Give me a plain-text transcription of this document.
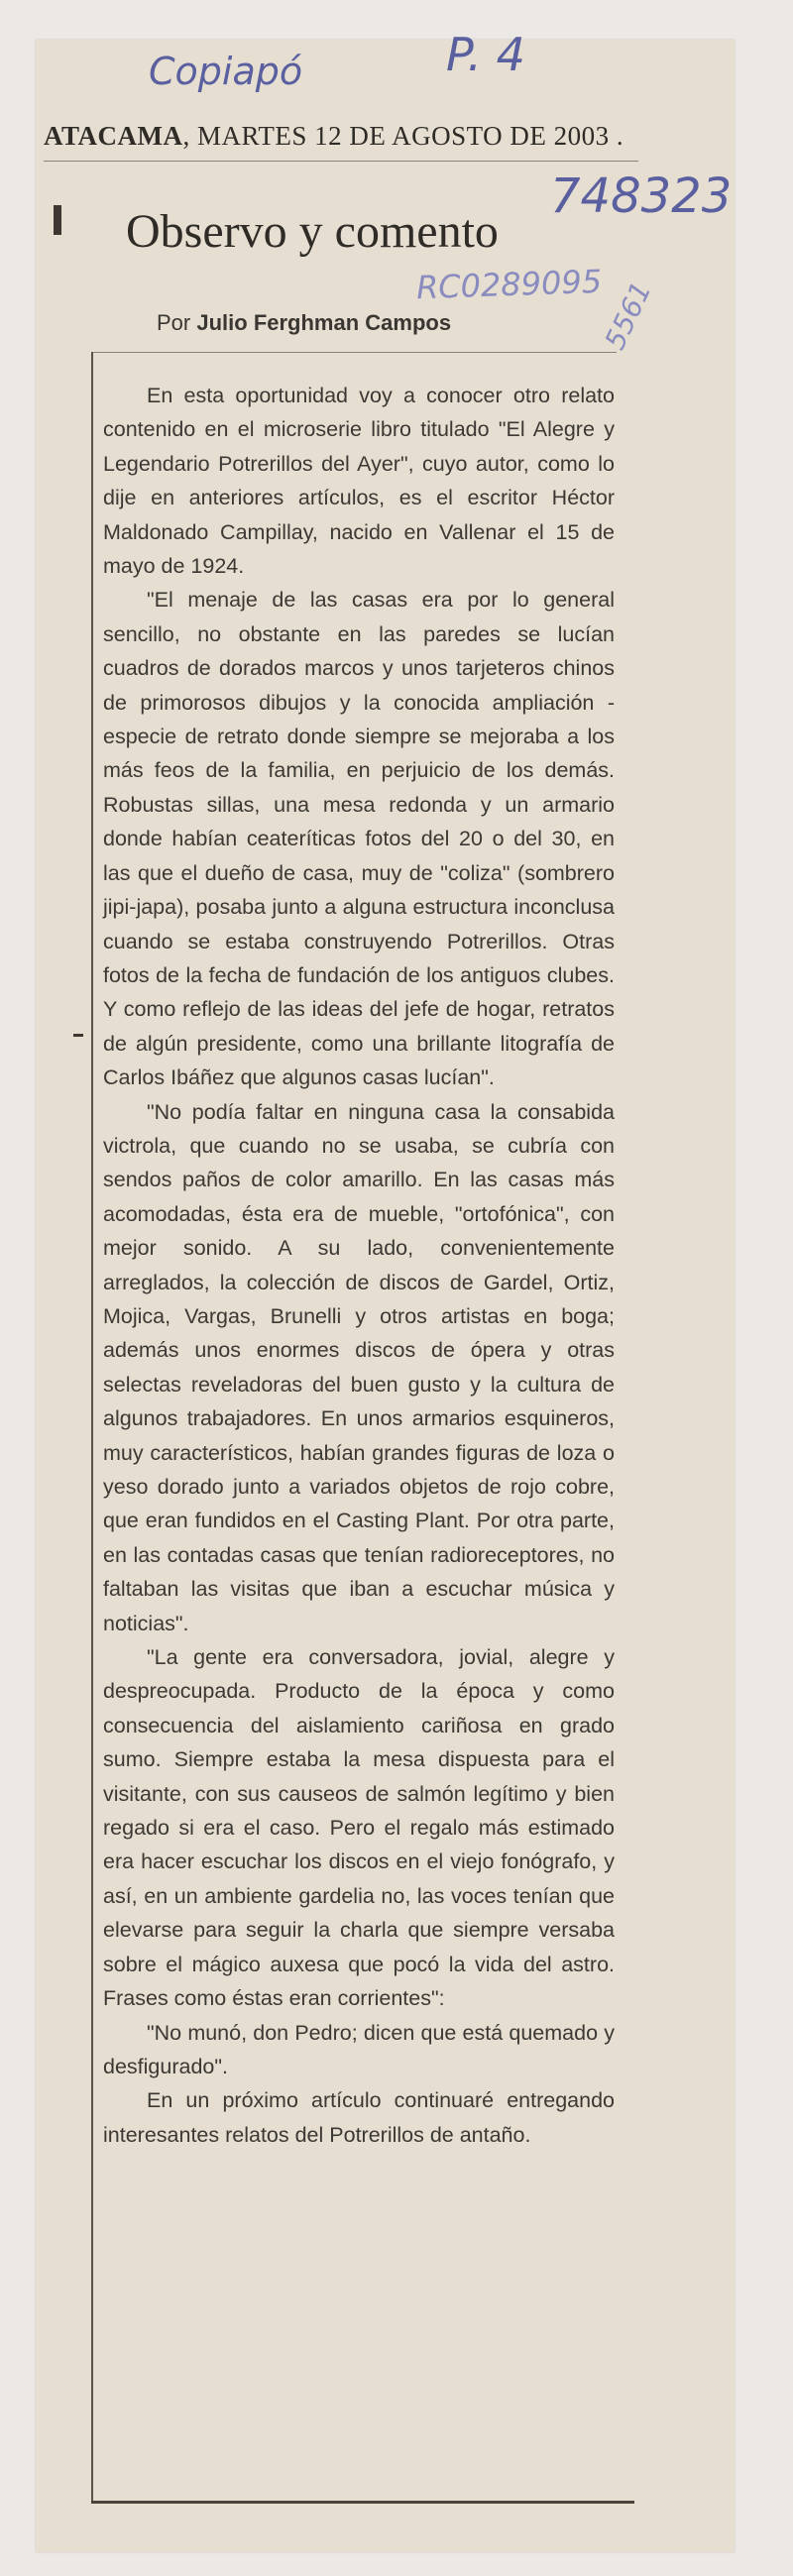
Copiapó	P. 4
748323
RC0289095
5561
ATACAMA, MARTES 12 DE AGOSTO DE 2003 .
Observo y comento
Por Julio Ferghman Campos

En esta oportunidad voy a conocer otro relato contenido en el microserie libro titulado "El Alegre y Legendario Potrerillos del Ayer", cuyo autor, como lo dije en anteriores artículos, es el escritor Héctor Maldonado Campillay, nacido en Vallenar el 15 de mayo de 1924.

"El menaje de las casas era por lo general sencillo, no obstante en las paredes se lucían cuadros de dorados marcos y unos tarjeteros chinos de primorosos dibujos y la conocida ampliación -especie de retrato donde siempre se mejoraba a los más feos de la familia, en perjuicio de los demás. Robustas sillas, una mesa redonda y un armario donde habían ceateríticas fotos del 20 o del 30, en las que el dueño de casa, muy de "coliza" (sombrero jipi-japa), posaba junto a alguna estructura inconclusa cuando se estaba construyendo Potrerillos. Otras fotos de la fecha de fundación de los antiguos clubes. Y como reflejo de las ideas del jefe de hogar, retratos de algún presidente, como una brillante litografía de Carlos Ibáñez que algunos casas lucían".

"No podía faltar en ninguna casa la consabida victrola, que cuando no se usaba, se cubría con sendos paños de color amarillo. En las casas más acomodadas, ésta era de mueble, "ortofónica", con mejor sonido. A su lado, convenientemente arreglados, la colección de discos de Gardel, Ortiz, Mojica, Vargas, Brunelli y otros artistas en boga; además unos enormes discos de ópera y otras selectas reveladoras del buen gusto y la cultura de algunos trabajadores. En unos armarios esquineros, muy característicos, habían grandes figuras de loza o yeso dorado junto a variados objetos de rojo cobre, que eran fundidos en el Casting Plant. Por otra parte, en las contadas casas que tenían radioreceptores, no faltaban las visitas que iban a escuchar música y noticias".

"La gente era conversadora, jovial, alegre y despreocupada. Producto de la época y como consecuencia del aislamiento cariñosa en grado sumo. Siempre estaba la mesa dispuesta para el visitante, con sus causeos de salmón legítimo y bien regado si era el caso. Pero el regalo más estimado era hacer escuchar los discos en el viejo fonógrafo, y así, en un ambiente gardelia no, las voces tenían que elevarse para seguir la charla que siempre versaba sobre el mágico auxesa que pocó la vida del astro. Frases como éstas eran corrientes":

"No munó, don Pedro; dicen que está quemado y desfigurado".

En un próximo artículo continuaré entregando interesantes relatos del Potrerillos de antaño.
